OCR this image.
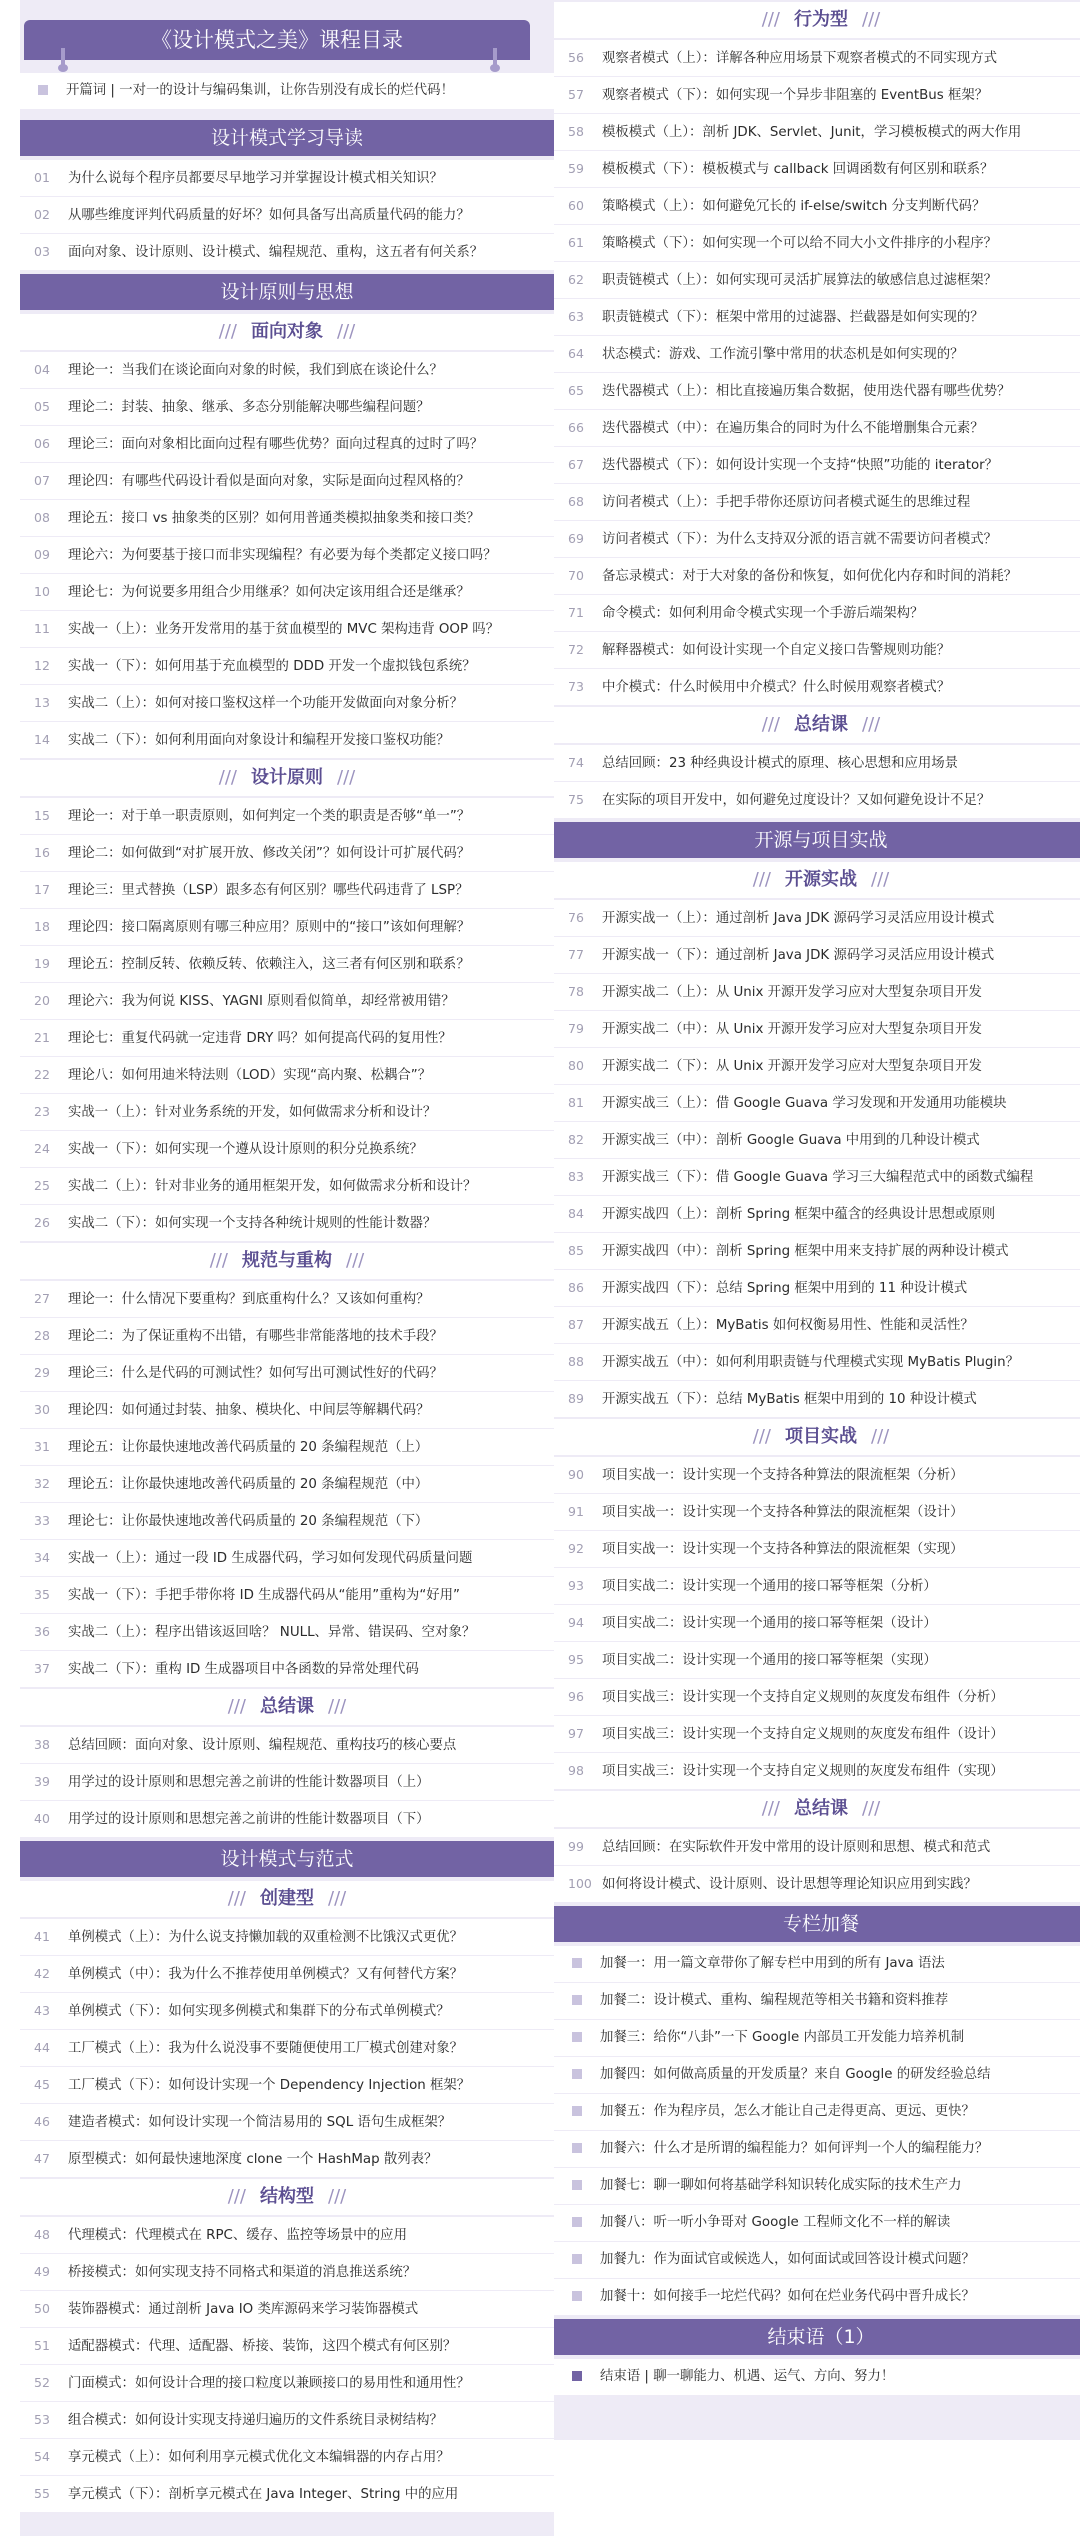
《设计模式之美》课程目录
开篇词 | 一对一的设计与编码集训，让你告别没有成长的烂代码！
设计模式学习导读
01 为什么说每个程序员都要尽早地学习并掌握设计模式相关知识？
02 从哪些维度评判代码质量的好坏？如何具备写出高质量代码的能力？
03 面向对象、设计原则、设计模式、编程规范、重构，这五者有何关系？
设计原则与思想
/// 面向对象 ///
04 理论一：当我们在谈论面向对象的时候，我们到底在谈论什么？
05 理论二：封装、抽象、继承、多态分别能解决哪些编程问题？
06 理论三：面向对象相比面向过程有哪些优势？面向过程真的过时了吗？
07 理论四：有哪些代码设计看似是面向对象，实际是面向过程风格的？
08 理论五：接口 vs 抽象类的区别？如何用普通类模拟抽象类和接口类？
09 理论六：为何要基于接口而非实现编程？有必要为每个类都定义接口吗？
10 理论七：为何说要多用组合少用继承？如何决定该用组合还是继承？
11 实战一（上）：业务开发常用的基于贫血模型的 MVC 架构违背 OOP 吗？
12 实战一（下）：如何用基于充血模型的 DDD 开发一个虚拟钱包系统？
13 实战二（上）：如何对接口鉴权这样一个功能开发做面向对象分析？
14 实战二（下）：如何利用面向对象设计和编程开发接口鉴权功能？
/// 设计原则 ///
15 理论一：对于单一职责原则，如何判定一个类的职责是否够“单一”？
16 理论二：如何做到“对扩展开放、修改关闭”？如何设计可扩展代码？
17 理论三：里式替换（LSP）跟多态有何区别？哪些代码违背了 LSP？
18 理论四：接口隔离原则有哪三种应用？原则中的“接口”该如何理解？
19 理论五：控制反转、依赖反转、依赖注入，这三者有何区别和联系？
20 理论六：我为何说 KISS、YAGNI 原则看似简单，却经常被用错？
21 理论七：重复代码就一定违背 DRY 吗？如何提高代码的复用性？
22 理论八：如何用迪米特法则（LOD）实现“高内聚、松耦合”？
23 实战一（上）：针对业务系统的开发，如何做需求分析和设计？
24 实战一（下）：如何实现一个遵从设计原则的积分兑换系统？
25 实战二（上）：针对非业务的通用框架开发，如何做需求分析和设计？
26 实战二（下）：如何实现一个支持各种统计规则的性能计数器？
/// 规范与重构 ///
27 理论一：什么情况下要重构？到底重构什么？又该如何重构？
28 理论二：为了保证重构不出错，有哪些非常能落地的技术手段？
29 理论三：什么是代码的可测试性？如何写出可测试性好的代码？
30 理论四：如何通过封装、抽象、模块化、中间层等解耦代码？
31 理论五：让你最快速地改善代码质量的 20 条编程规范（上）
32 理论五：让你最快速地改善代码质量的 20 条编程规范（中）
33 理论七：让你最快速地改善代码质量的 20 条编程规范（下）
34 实战一（上）：通过一段 ID 生成器代码，学习如何发现代码质量问题
35 实战一（下）：手把手带你将 ID 生成器代码从“能用”重构为“好用”
36 实战二（上）：程序出错该返回啥？ NULL、异常、错误码、空对象？
37 实战二（下）：重构 ID 生成器项目中各函数的异常处理代码
/// 总结课 ///
38 总结回顾：面向对象、设计原则、编程规范、重构技巧的核心要点
39 用学过的设计原则和思想完善之前讲的性能计数器项目（上）
40 用学过的设计原则和思想完善之前讲的性能计数器项目（下）
设计模式与范式
/// 创建型 ///
41 单例模式（上）：为什么说支持懒加载的双重检测不比饿汉式更优？
42 单例模式（中）：我为什么不推荐使用单例模式？又有何替代方案？
43 单例模式（下）：如何实现多例模式和集群下的分布式单例模式？
44 工厂模式（上）：我为什么说没事不要随便使用工厂模式创建对象？
45 工厂模式（下）：如何设计实现一个 Dependency Injection 框架？
46 建造者模式：如何设计实现一个简洁易用的 SQL 语句生成框架？
47 原型模式：如何最快速地深度 clone 一个 HashMap 散列表？
/// 结构型 ///
48 代理模式：代理模式在 RPC、缓存、监控等场景中的应用
49 桥接模式：如何实现支持不同格式和渠道的消息推送系统？
50 装饰器模式：通过剖析 Java IO 类库源码来学习装饰器模式
51 适配器模式：代理、适配器、桥接、装饰，这四个模式有何区别？
52 门面模式：如何设计合理的接口粒度以兼顾接口的易用性和通用性？
53 组合模式：如何设计实现支持递归遍历的文件系统目录树结构？
54 享元模式（上）：如何利用享元模式优化文本编辑器的内存占用？
55 享元模式（下）：剖析享元模式在 Java Integer、String 中的应用
/// 行为型 ///
56 观察者模式（上）：详解各种应用场景下观察者模式的不同实现方式
57 观察者模式（下）：如何实现一个异步非阻塞的 EventBus 框架？
58 模板模式（上）：剖析 JDK、Servlet、Junit，学习模板模式的两大作用
59 模板模式（下）：模板模式与 callback 回调函数有何区别和联系？
60 策略模式（上）：如何避免冗长的 if-else/switch 分支判断代码？
61 策略模式（下）：如何实现一个可以给不同大小文件排序的小程序？
62 职责链模式（上）：如何实现可灵活扩展算法的敏感信息过滤框架？
63 职责链模式（下）：框架中常用的过滤器、拦截器是如何实现的？
64 状态模式：游戏、工作流引擎中常用的状态机是如何实现的？
65 迭代器模式（上）：相比直接遍历集合数据，使用迭代器有哪些优势？
66 迭代器模式（中）：在遍历集合的同时为什么不能增删集合元素？
67 迭代器模式（下）：如何设计实现一个支持“快照”功能的 iterator？
68 访问者模式（上）：手把手带你还原访问者模式诞生的思维过程
69 访问者模式（下）：为什么支持双分派的语言就不需要访问者模式？
70 备忘录模式：对于大对象的备份和恢复，如何优化内存和时间的消耗？
71 命令模式：如何利用命令模式实现一个手游后端架构？
72 解释器模式：如何设计实现一个自定义接口告警规则功能？
73 中介模式：什么时候用中介模式？什么时候用观察者模式？
/// 总结课 ///
74 总结回顾：23 种经典设计模式的原理、核心思想和应用场景
75 在实际的项目开发中，如何避免过度设计？又如何避免设计不足？
开源与项目实战
/// 开源实战 ///
76 开源实战一（上）：通过剖析 Java JDK 源码学习灵活应用设计模式
77 开源实战一（下）：通过剖析 Java JDK 源码学习灵活应用设计模式
78 开源实战二（上）：从 Unix 开源开发学习应对大型复杂项目开发
79 开源实战二（中）：从 Unix 开源开发学习应对大型复杂项目开发
80 开源实战二（下）：从 Unix 开源开发学习应对大型复杂项目开发
81 开源实战三（上）：借 Google Guava 学习发现和开发通用功能模块
82 开源实战三（中）：剖析 Google Guava 中用到的几种设计模式
83 开源实战三（下）：借 Google Guava 学习三大编程范式中的函数式编程
84 开源实战四（上）：剖析 Spring 框架中蕴含的经典设计思想或原则
85 开源实战四（中）：剖析 Spring 框架中用来支持扩展的两种设计模式
86 开源实战四（下）：总结 Spring 框架中用到的 11 种设计模式
87 开源实战五（上）：MyBatis 如何权衡易用性、性能和灵活性？
88 开源实战五（中）：如何利用职责链与代理模式实现 MyBatis Plugin？
89 开源实战五（下）：总结 MyBatis 框架中用到的 10 种设计模式
/// 项目实战 ///
90 项目实战一：设计实现一个支持各种算法的限流框架（分析）
91 项目实战一：设计实现一个支持各种算法的限流框架（设计）
92 项目实战一：设计实现一个支持各种算法的限流框架（实现）
93 项目实战二：设计实现一个通用的接口幂等框架（分析）
94 项目实战二：设计实现一个通用的接口幂等框架（设计）
95 项目实战二：设计实现一个通用的接口幂等框架（实现）
96 项目实战三：设计实现一个支持自定义规则的灰度发布组件（分析）
97 项目实战三：设计实现一个支持自定义规则的灰度发布组件（设计）
98 项目实战三：设计实现一个支持自定义规则的灰度发布组件（实现）
/// 总结课 ///
99 总结回顾：在实际软件开发中常用的设计原则和思想、模式和范式
100 如何将设计模式、设计原则、设计思想等理论知识应用到实践？
专栏加餐
加餐一：用一篇文章带你了解专栏中用到的所有 Java 语法
加餐二：设计模式、重构、编程规范等相关书籍和资料推荐
加餐三：给你“八卦”一下 Google 内部员工开发能力培养机制
加餐四：如何做高质量的开发质量？来自 Google 的研发经验总结
加餐五：作为程序员，怎么才能让自己走得更高、更远、更快？
加餐六：什么才是所谓的编程能力？如何评判一个人的编程能力？
加餐七：聊一聊如何将基础学科知识转化成实际的技术生产力
加餐八：听一听小争哥对 Google 工程师文化不一样的解读
加餐九：作为面试官或候选人，如何面试或回答设计模式问题？
加餐十：如何接手一坨烂代码？如何在烂业务代码中晋升成长？
结束语（1）
结束语 | 聊一聊能力、机遇、运气、方向、努力！
